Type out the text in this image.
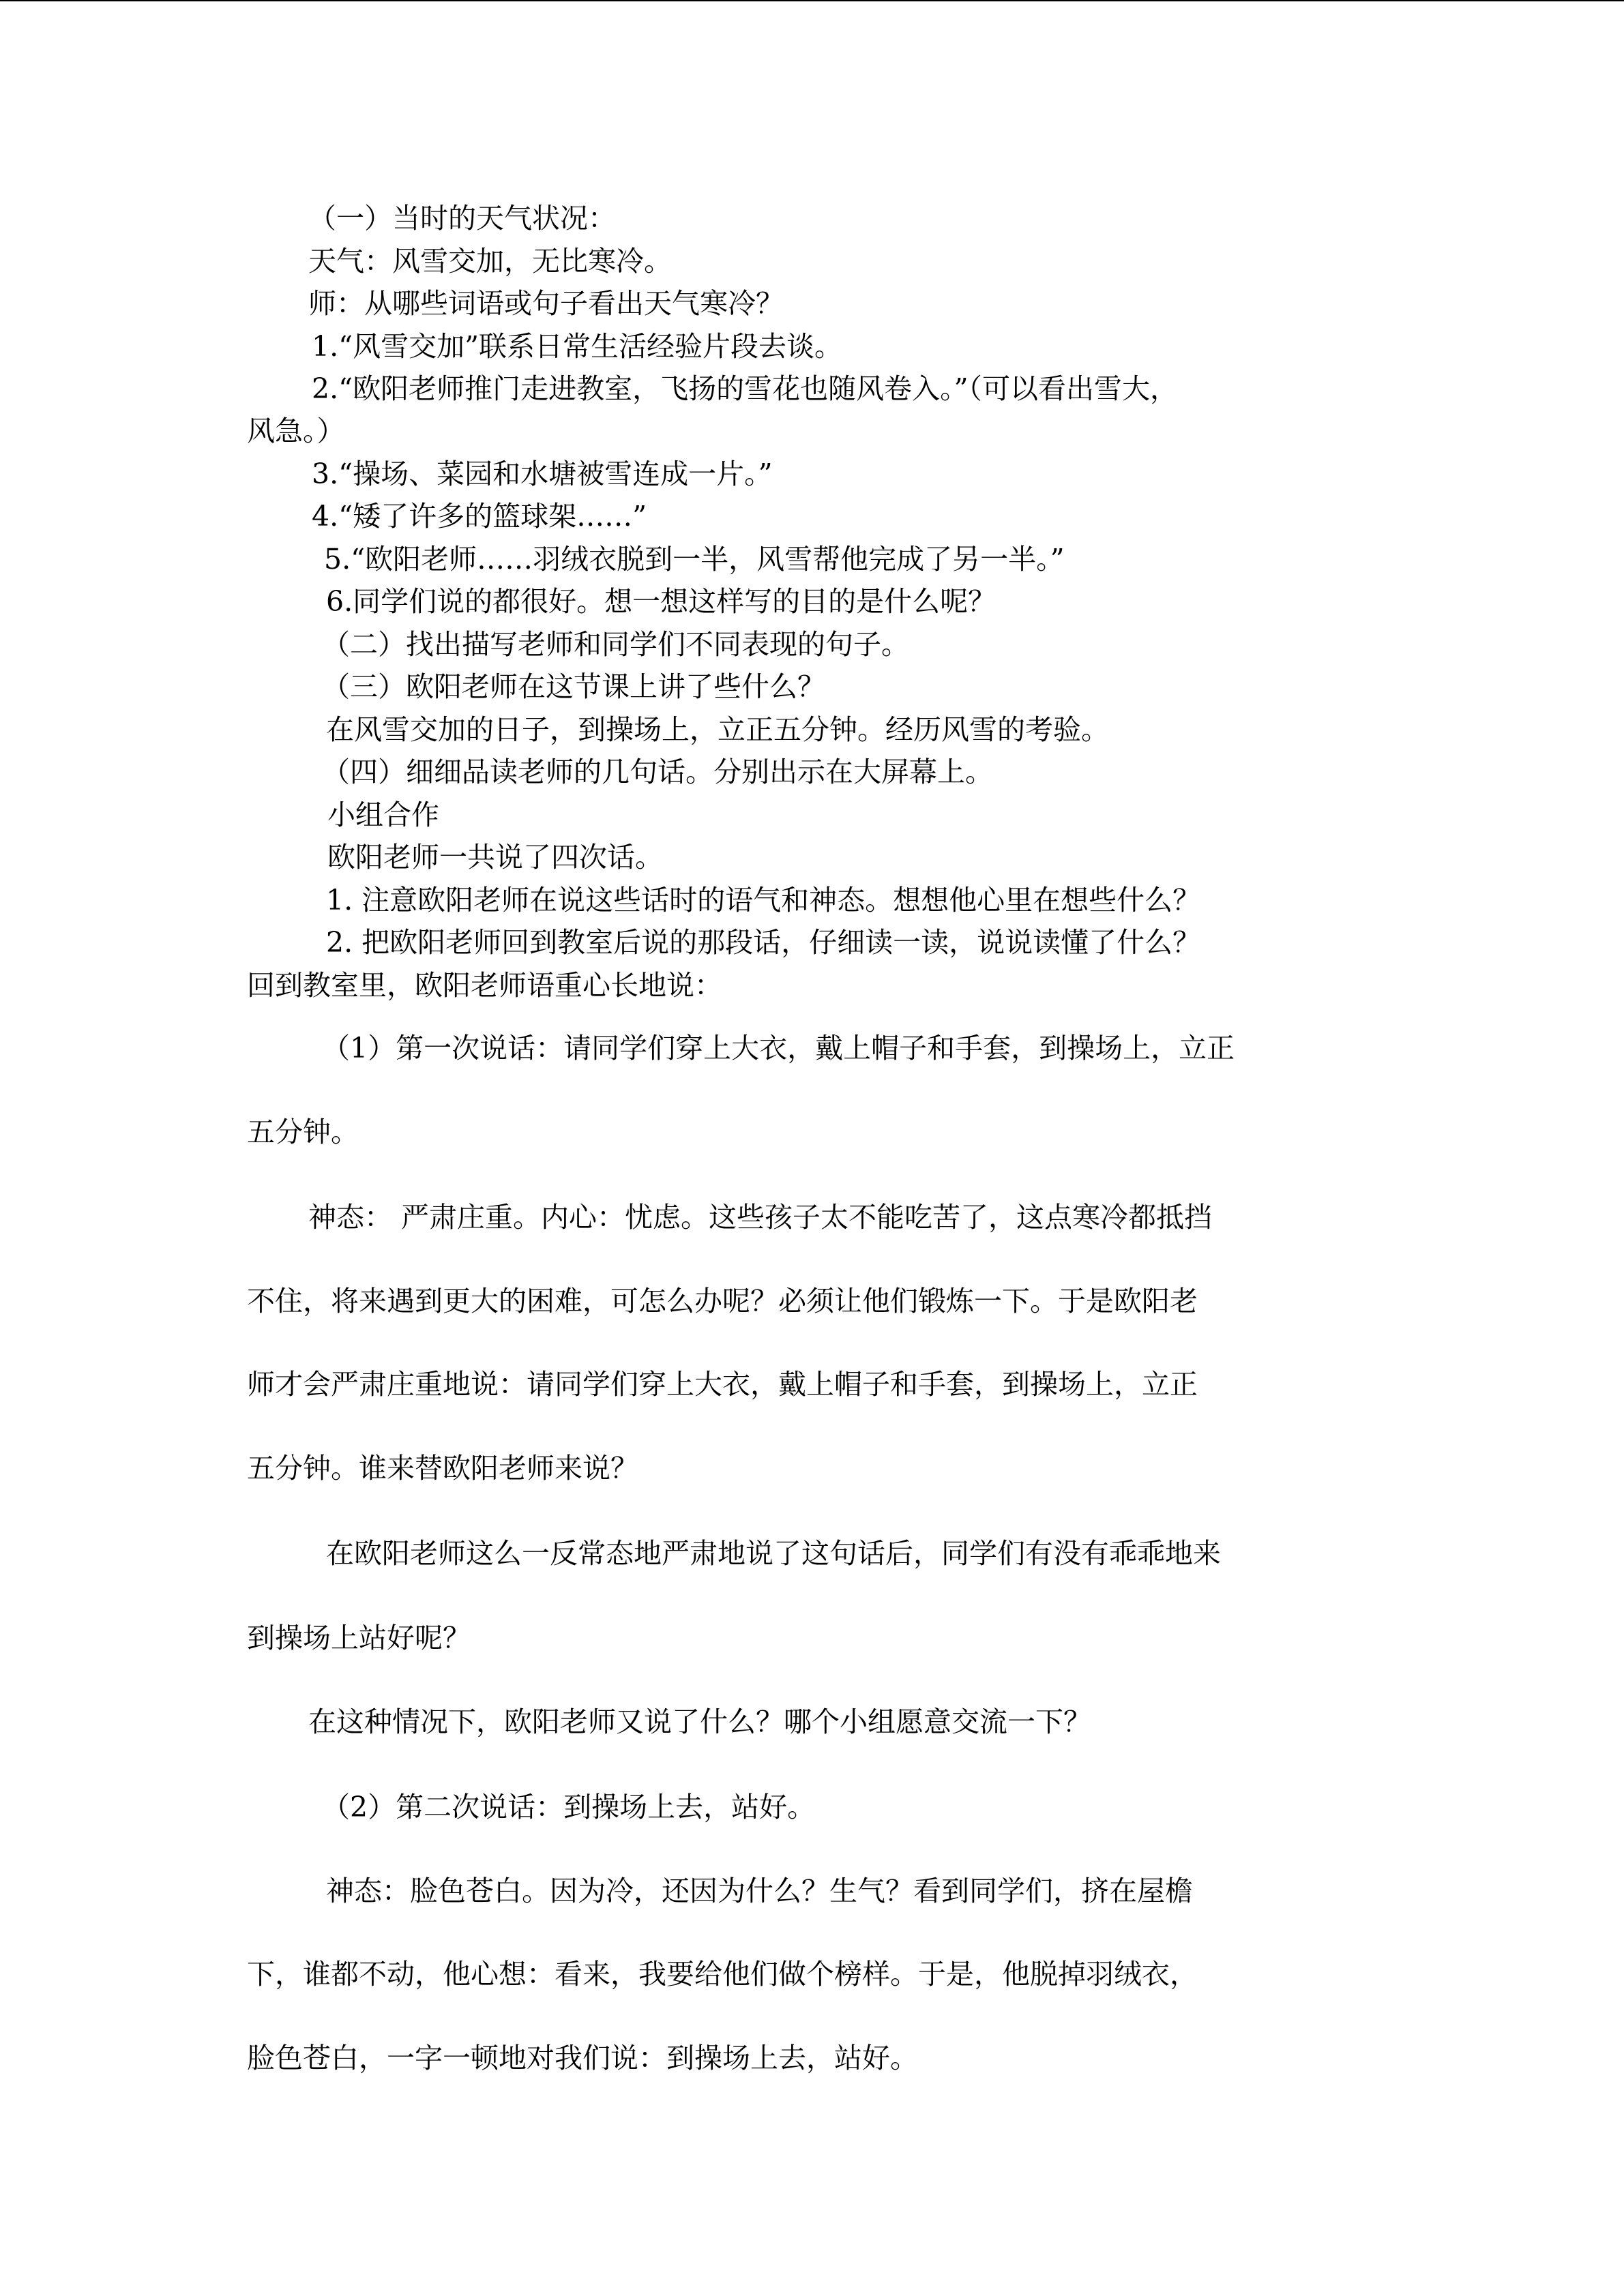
（一）当时的天气状况：
天气：风雪交加，无比寒冷。
师：从哪些词语或句子看出天气寒冷？
1.“风雪交加”联系日常生活经验片段去谈。
2.“欧阳老师推门走进教室，飞扬的雪花也随风卷入。”（可以看出雪大，
风急。）
3.“操场、菜园和水塘被雪连成一片。”
4.“矮了许多的篮球架……”
5.“欧阳老师……羽绒衣脱到一半，风雪帮他完成了另一半。”
6.同学们说的都很好。想一想这样写的目的是什么呢？
（二）找出描写老师和同学们不同表现的句子。
（三）欧阳老师在这节课上讲了些什么？
在风雪交加的日子，到操场上，立正五分钟。经历风雪的考验。
（四）细细品读老师的几句话。分别出示在大屏幕上。
小组合作
欧阳老师一共说了四次话。
1. 注意欧阳老师在说这些话时的语气和神态。想想他心里在想些什么？
2. 把欧阳老师回到教室后说的那段话，仔细读一读，说说读懂了什么？
回到教室里，欧阳老师语重心长地说：
（1）第一次说话：请同学们穿上大衣，戴上帽子和手套，到操场上，立正
五分钟。
神态： 严肃庄重。内心：忧虑。这些孩子太不能吃苦了，这点寒冷都抵挡
不住，将来遇到更大的困难，可怎么办呢？必须让他们锻炼一下。于是欧阳老
师才会严肃庄重地说：请同学们穿上大衣，戴上帽子和手套，到操场上，立正
五分钟。谁来替欧阳老师来说？
在欧阳老师这么一反常态地严肃地说了这句话后，同学们有没有乖乖地来
到操场上站好呢？
在这种情况下，欧阳老师又说了什么？哪个小组愿意交流一下？
（2）第二次说话：到操场上去，站好。
神态：脸色苍白。因为冷，还因为什么？生气？看到同学们，挤在屋檐
下，谁都不动，他心想：看来，我要给他们做个榜样。于是，他脱掉羽绒衣，
脸色苍白，一字一顿地对我们说：到操场上去，站好。
